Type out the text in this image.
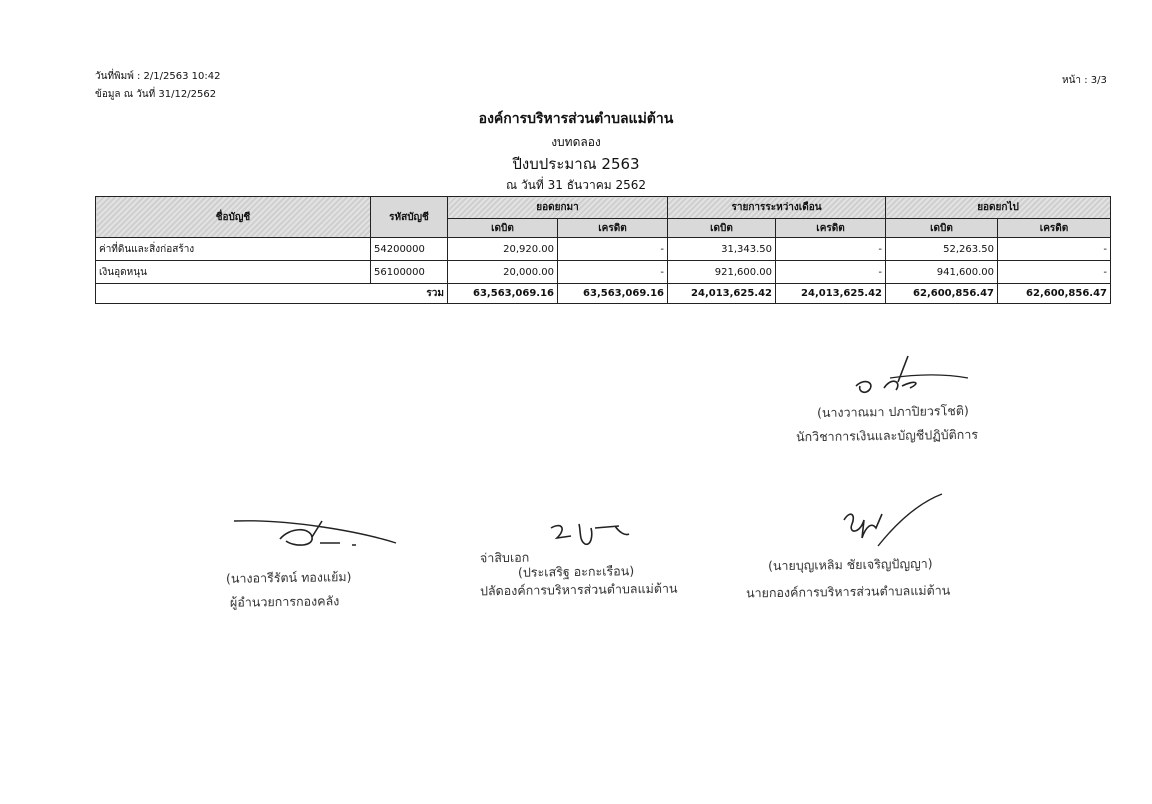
วันที่พิมพ์ : 2/1/2563 10:42
ข้อมูล ณ วันที่ 31/12/2562
หน้า : 3/3
องค์การบริหารส่วนตำบลแม่ต้าน
งบทดลอง
ปีงบประมาณ 2563
ณ วันที่ 31 ธันวาคม 2562
ชื่อบัญชี	รหัสบัญชี	ยอดยกมา		รายการระหว่างเดือน		ยอดยกไป	
		เดบิต	เครดิต	เดบิต	เครดิต	เดบิต	เครดิต
ค่าที่ดินและสิ่งก่อสร้าง	54200000	20,920.00	-	31,343.50	-	52,263.50	-
เงินอุดหนุน	56100000	20,000.00	-	921,600.00	-	941,600.00	-
รวม		63,563,069.16	63,563,069.16	24,013,625.42	24,013,625.42	62,600,856.47	62,600,856.47
(นางวาณมา ปภาปิยวรโชติ)
นักวิชาการเงินและบัญชีปฏิบัติการ
(นางอารีรัตน์ ทองแย้ม)
ผู้อำนวยการกองคลัง
จ่าสิบเอก
(ประเสริฐ อะกะเรือน)
ปลัดองค์การบริหารส่วนตำบลแม่ต้าน
(นายบุญเหลิม ชัยเจริญปัญญา)
นายกองค์การบริหารส่วนตำบลแม่ต้าน
